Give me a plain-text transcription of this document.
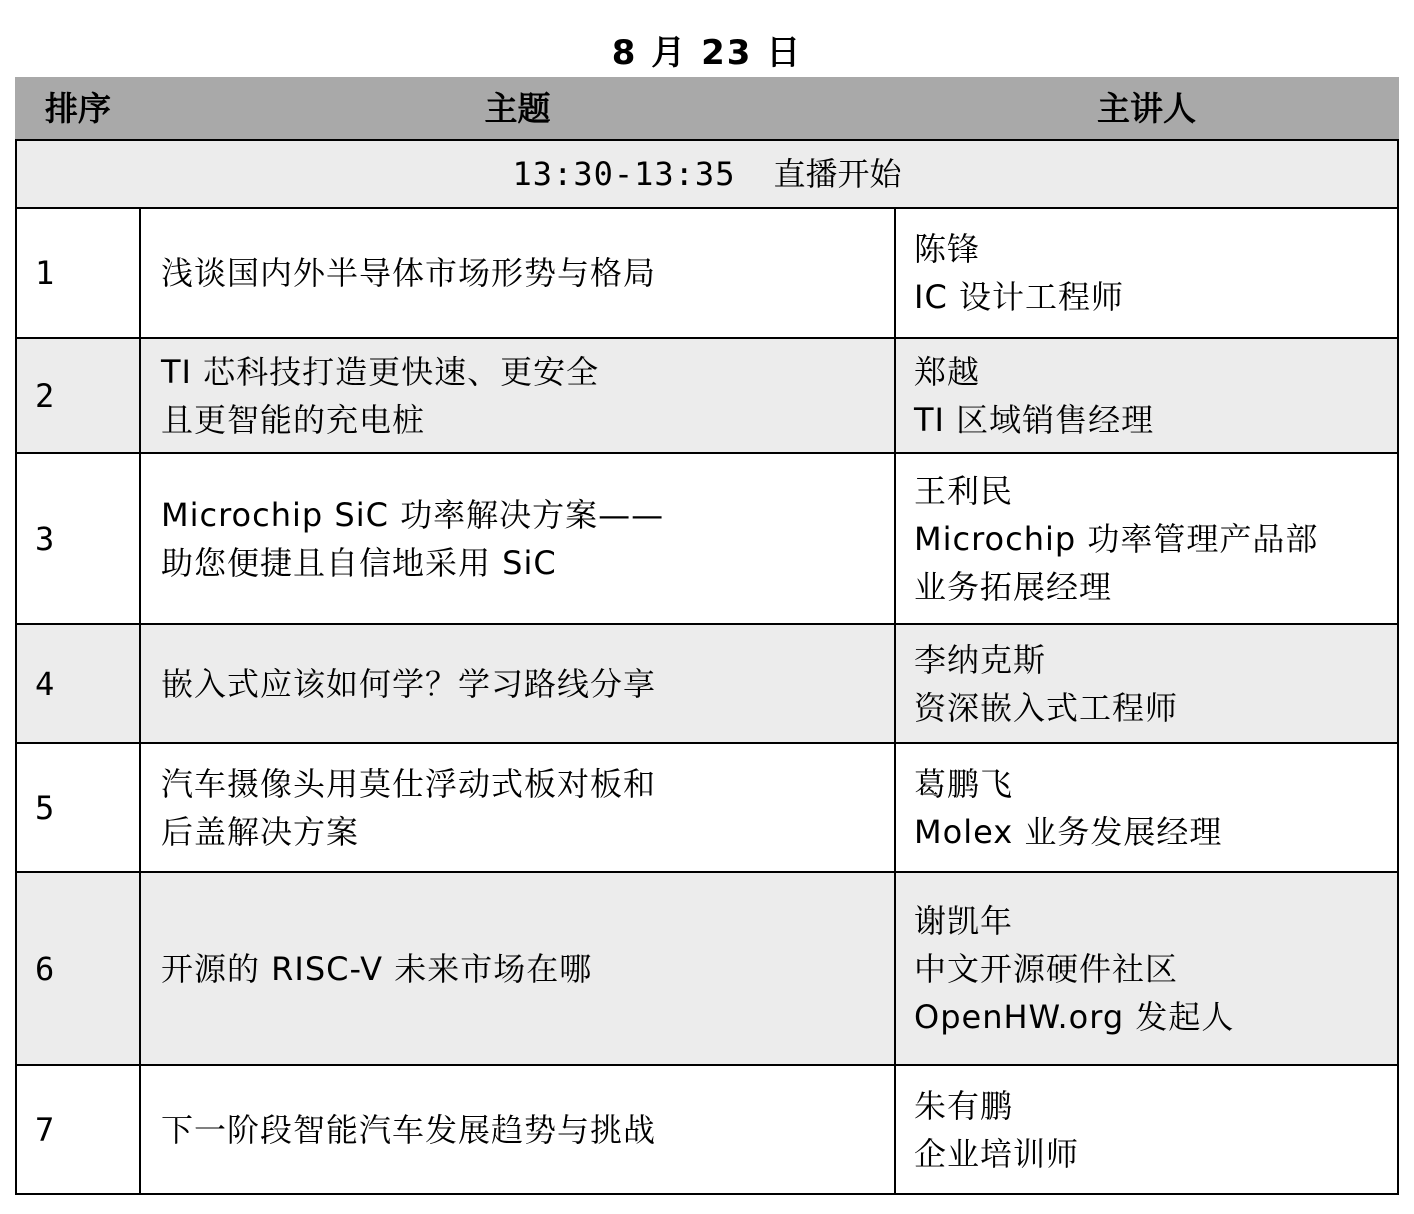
8 月 23 日
排序	主题	主讲人
13:30-13:35 直播开始		
1	浅谈国内外半导体市场形势与格局	陈锋
IC 设计工程师

2	TI 芯科技打造更快速、更安全
且更智能的充电桩	郑越
TI 区域销售经理

3	Microchip SiC 功率解决方案——
助您便捷且自信地采用 SiC	王利民
Microchip 功率管理产品部
业务拓展经理

4	嵌入式应该如何学？学习路线分享	李纳克斯
资深嵌入式工程师

5	汽车摄像头用莫仕浮动式板对板和
后盖解决方案	葛鹏飞
Molex 业务发展经理

6	开源的 RISC-V 未来市场在哪	谢凯年
中文开源硬件社区
OpenHW.org 发起人

7	下一阶段智能汽车发展趋势与挑战	朱有鹏
企业培训师
